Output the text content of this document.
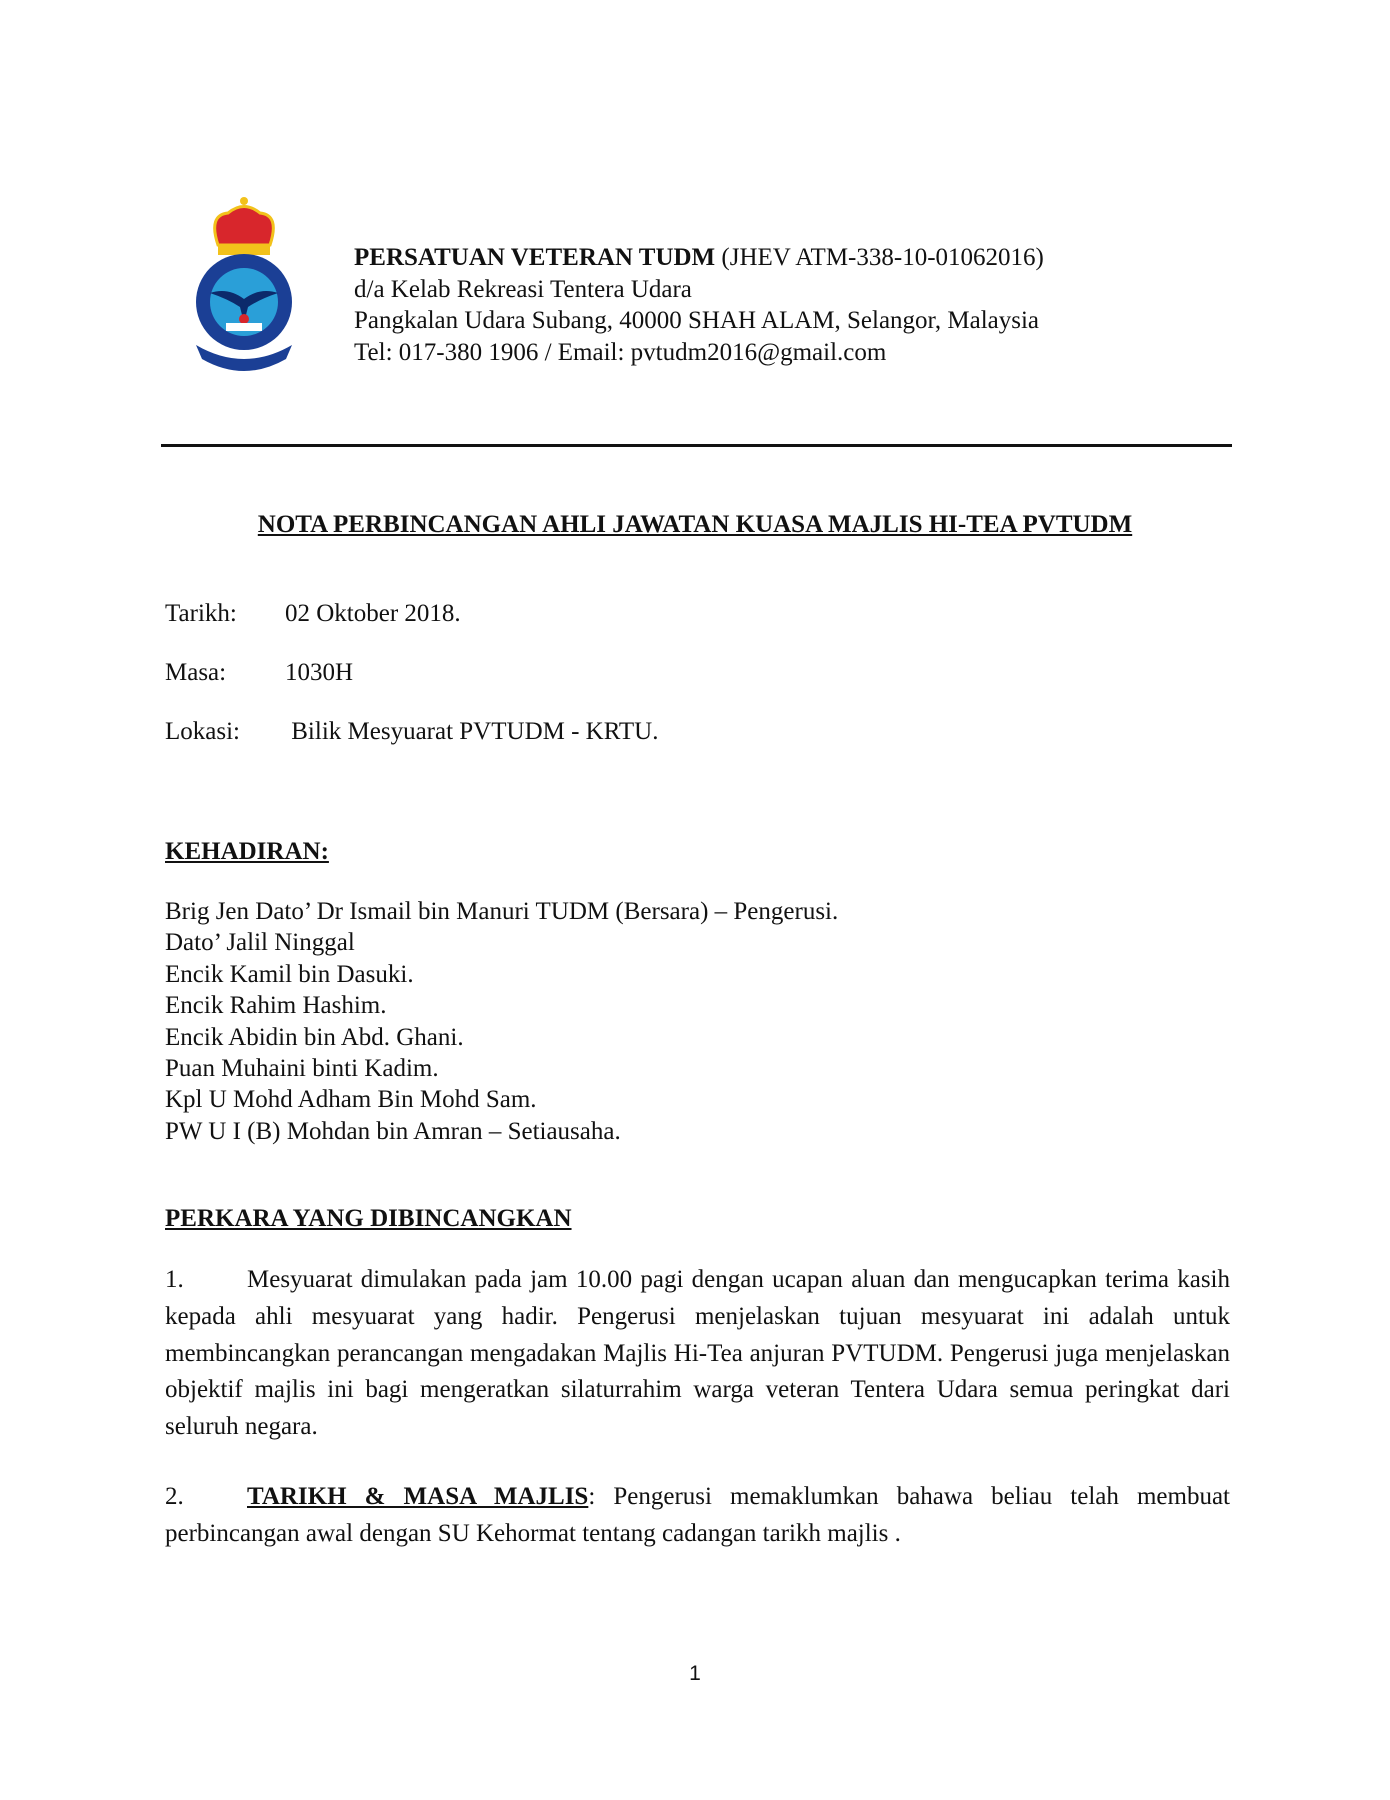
PERSATUAN VETERAN TUDM (JHEV ATM-338-10-01062016)
d/a Kelab Rekreasi Tentera Udara
Pangkalan Udara Subang, 40000 SHAH ALAM, Selangor, Malaysia
Tel: 017-380 1906 / Email: pvtudm2016@gmail.com
NOTA PERBINCANGAN AHLI JAWATAN KUASA MAJLIS HI-TEA PVTUDM
Tarikh: 02 Oktober 2018.
Masa: 1030H
Lokasi: Bilik Mesyuarat PVTUDM - KRTU.
KEHADIRAN:
Brig Jen Dato’ Dr Ismail bin Manuri TUDM (Bersara) – Pengerusi.
Dato’ Jalil Ninggal
Encik Kamil bin Dasuki.
Encik Rahim Hashim.
Encik Abidin bin Abd. Ghani.
Puan Muhaini binti Kadim.
Kpl U Mohd Adham Bin Mohd Sam.
PW U I (B) Mohdan bin Amran – Setiausaha.
PERKARA YANG DIBINCANGKAN
1.	Mesyuarat dimulakan pada jam 10.00 pagi dengan ucapan aluan dan mengucapkan terima kasih kepada ahli mesyuarat yang hadir. Pengerusi menjelaskan tujuan mesyuarat ini adalah untuk membincangkan perancangan mengadakan Majlis Hi-Tea anjuran PVTUDM. Pengerusi juga menjelaskan objektif majlis ini bagi mengeratkan silaturrahim warga veteran Tentera Udara semua peringkat dari seluruh negara.
2.	TARIKH & MASA MAJLIS: Pengerusi memaklumkan bahawa beliau telah membuat perbincangan awal dengan SU Kehormat tentang cadangan tarikh majlis .
1
